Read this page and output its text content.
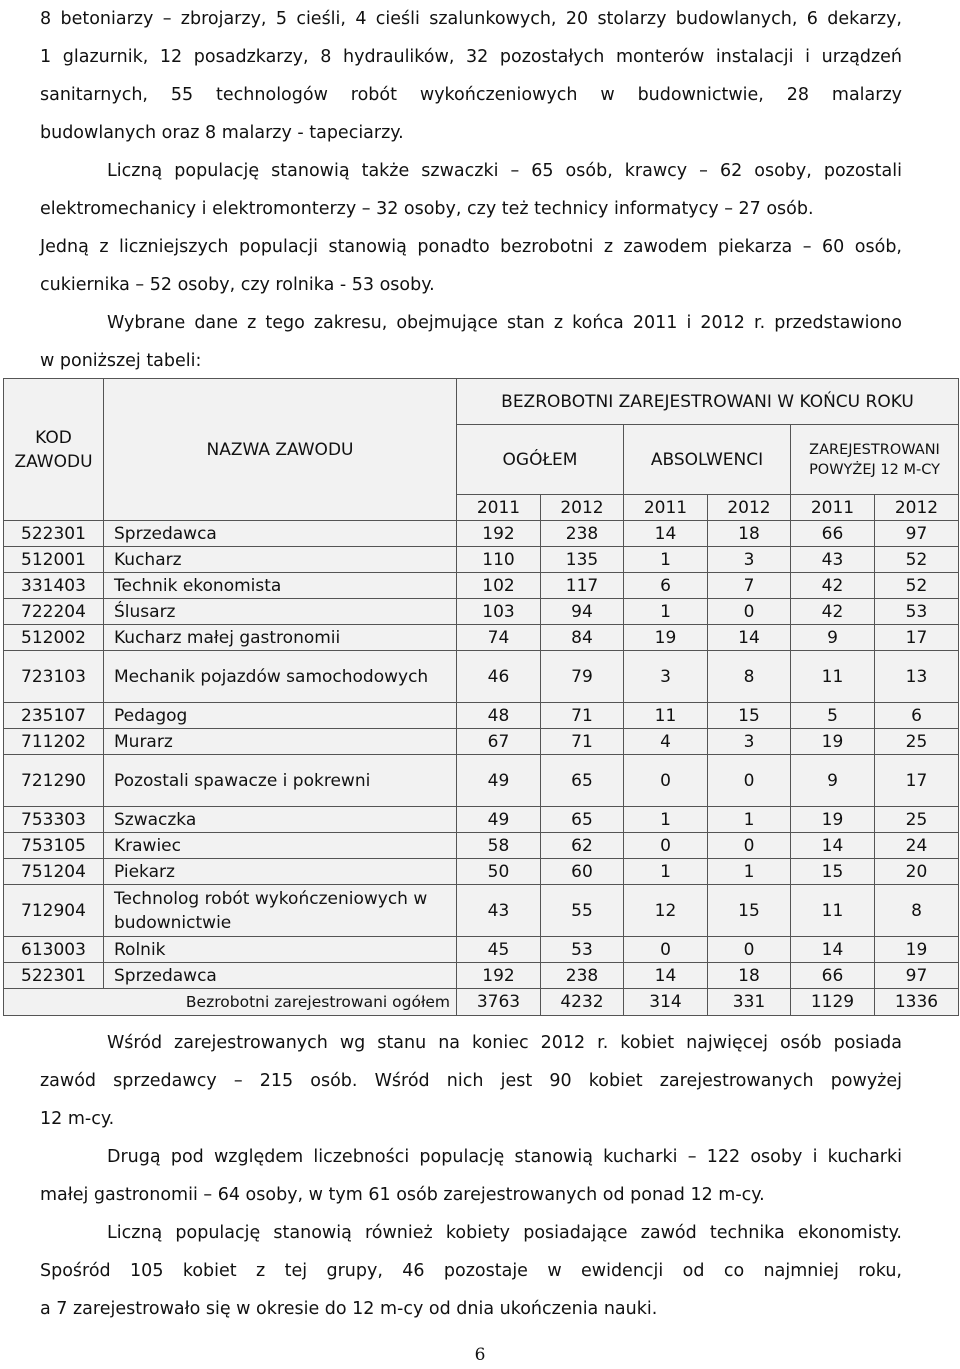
8 betoniarzy – zbrojarzy, 5 cieśli, 4 cieśli szalunkowych, 20 stolarzy budowlanych, 6 dekarzy,
1 glazurnik, 12 posadzkarzy, 8 hydraulików, 32 pozostałych monterów instalacji i urządzeń
sanitarnych, 55 technologów robót wykończeniowych w budownictwie, 28 malarzy
budowlanych oraz 8 malarzy - tapeciarzy.
Liczną populację stanowią także szwaczki – 65 osób, krawcy – 62 osoby, pozostali
elektromechanicy i elektromonterzy – 32 osoby, czy też technicy informatycy – 27 osób.
Jedną z liczniejszych populacji stanowią ponadto bezrobotni z zawodem piekarza – 60 osób,
cukiernika – 52 osoby, czy rolnika - 53 osoby.
Wybrane dane z tego zakresu, obejmujące stan z końca 2011 i 2012 r. przedstawiono
w poniższej tabeli:
KOD ZAWODU	NAZWA ZAWODU	BEZROBOTNI ZAREJESTROWANI W KOŃCU ROKU					
		OGÓŁEM		ABSOLWENCI		ZAREJESTROWANI POWYŻEJ 12 M-CY	
		2011	2012	2011	2012	2011	2012
522301	Sprzedawca	192	238	14	18	66	97
512001	Kucharz	110	135	1	3	43	52
331403	Technik ekonomista	102	117	6	7	42	52
722204	Ślusarz	103	94	1	0	42	53
512002	Kucharz małej gastronomii	74	84	19	14	9	17
723103	Mechanik pojazdów samochodowych	46	79	3	8	11	13
235107	Pedagog	48	71	11	15	5	6
711202	Murarz	67	71	4	3	19	25
721290	Pozostali spawacze i pokrewni	49	65	0	0	9	17
753303	Szwaczka	49	65	1	1	19	25
753105	Krawiec	58	62	0	0	14	24
751204	Piekarz	50	60	1	1	15	20
712904	Technolog robót wykończeniowych w budownictwie	43	55	12	15	11	8
613003	Rolnik	45	53	0	0	14	19
522301	Sprzedawca	192	238	14	18	66	97
Bezrobotni zarejestrowani ogółem		3763	4232	314	331	1129	1336
Wśród zarejestrowanych wg stanu na koniec 2012 r. kobiet najwięcej osób posiada
zawód sprzedawcy – 215 osób. Wśród nich jest 90 kobiet zarejestrowanych powyżej
12 m-cy.
Drugą pod względem liczebności populację stanowią kucharki – 122 osoby i kucharki
małej gastronomii – 64 osoby, w tym 61 osób zarejestrowanych od ponad 12 m-cy.
Liczną populację stanowią również kobiety posiadające zawód technika ekonomisty.
Spośród 105 kobiet z tej grupy, 46 pozostaje w ewidencji od co najmniej roku,
a 7 zarejestrowało się w okresie do 12 m-cy od dnia ukończenia nauki.
6
